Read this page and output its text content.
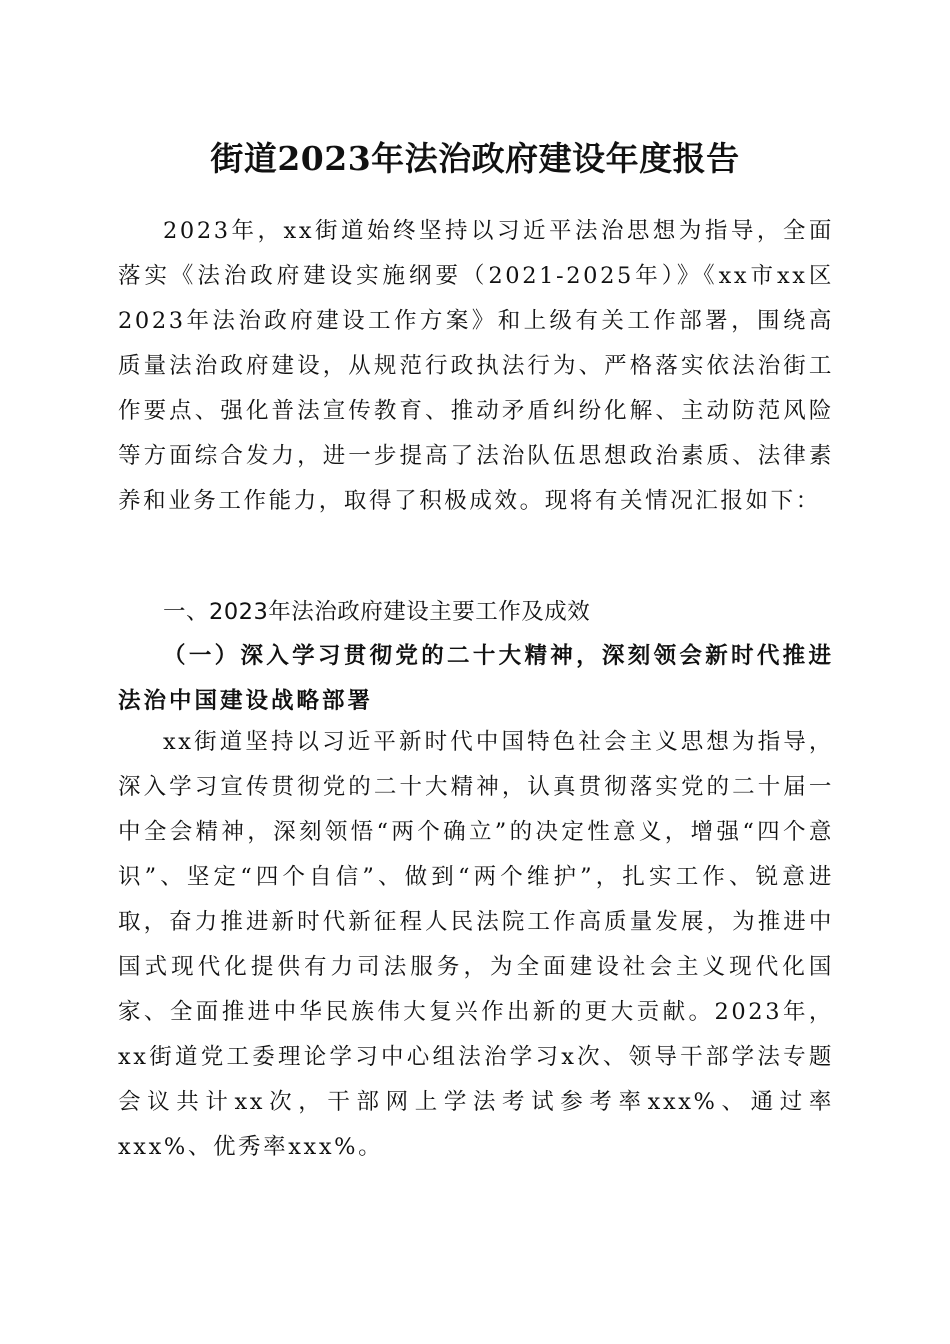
街道2023年法治政府建设年度报告

2023年，xx街道始终坚持以习近平法治思想为指导，全面落实《法治政府建设实施纲要（2021-2025年）》《xx市xx区2023年法治政府建设工作方案》和上级有关工作部署，围绕高质量法治政府建设，从规范行政执法行为、严格落实依法治街工作要点、强化普法宣传教育、推动矛盾纠纷化解、主动防范风险等方面综合发力，进一步提高了法治队伍思想政治素质、法律素养和业务工作能力，取得了积极成效。现将有关情况汇报如下：

一、2023年法治政府建设主要工作及成效
（一）深入学习贯彻党的二十大精神，深刻领会新时代推进法治中国建设战略部署

xx街道坚持以习近平新时代中国特色社会主义思想为指导，深入学习宣传贯彻党的二十大精神，认真贯彻落实党的二十届一中全会精神，深刻领悟“两个确立”的决定性意义，增强“四个意识”、坚定“四个自信”、做到“两个维护”，扎实工作、锐意进取，奋力推进新时代新征程人民法院工作高质量发展，为推进中国式现代化提供有力司法服务，为全面建设社会主义现代化国家、全面推进中华民族伟大复兴作出新的更大贡献。2023年，xx街道党工委理论学习中心组法治学习x次、领导干部学法专题会议共计xx次，干部网上学法考试参考率xxx%、通过率xxx%、优秀率xxx%。
